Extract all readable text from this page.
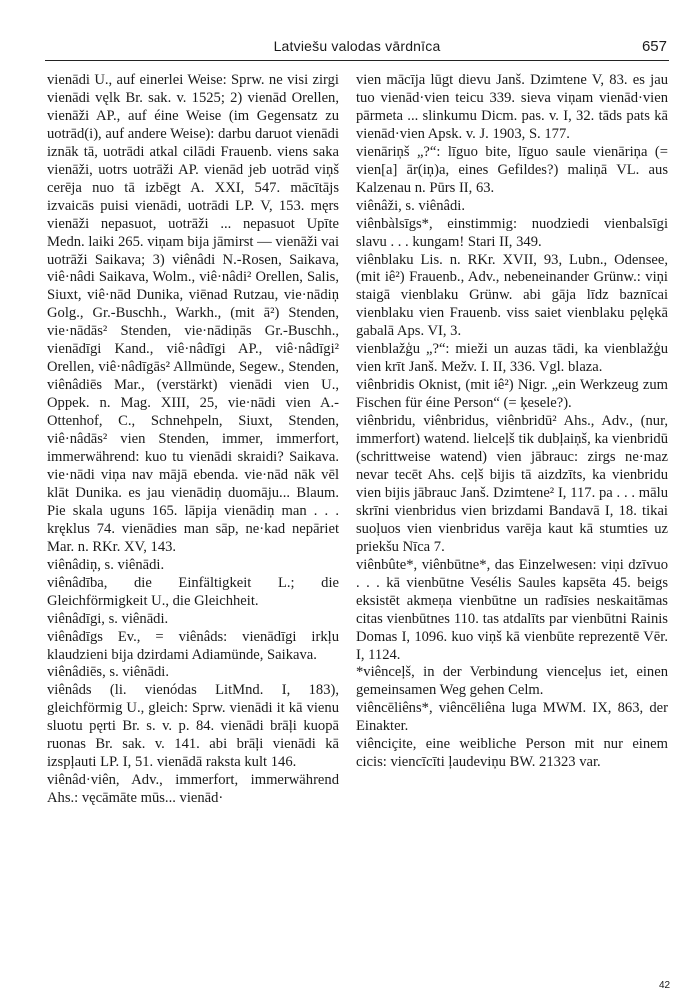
Latviešu valodas vārdnīca	657

vienādi U., auf einerlei Weise: Sprw. ne visi zirgi vienādi vęlk Br. sak. v. 1525; 2) vienād Orellen, vienāži AP., auf éine Weise (im Gegensatz zu uotrād(i), auf andere Weise): darbu daruot vienādi iznāk tā, uotrādi atkal cilādi Frauenb. viens saka vienāži, uotrs uotrāži AP. vienād jeb uotrād viņš cerēja nuo tā izbēgt A. XXI, 547. mācītājs izvaicās puisi vienādi, uotrādi LP. V, 153. męrs vienāži nepasuot, uotrāži ... nepasuot Upīte Medn. laiki 265. viņam bija jāmirst — vienāži vai uotrāži Saikava; 3) viênâdi N.-Rosen, Saikava, viê·nâdi Saikava, Wolm., viê·nâdi² Orellen, Salis, Siuxt, viê·nād Dunika, viēnad Rutzau, vie·nādiņ Golg., Gr.-Buschh., Warkh., (mit ā²) Stenden, vie·nādās² Stenden, vie·nādiņās Gr.-Buschh., vienādīgi Kand., viê·nâdīgi AP., viê·nâdīgi² Orellen, viê·nâdīgās² Allmünde, Segew., Stenden, viênâdiēs Mar., (verstärkt) vienādi vien U., Oppek. n. Mag. XIII, 25, vie·nādi vien A.-Ottenhof, C., Schnehpeln, Siuxt, Stenden, viê·nâdās² vien Stenden, immer, immerfort, immerwährend: kuo tu vienādi skraidi? Saikava. vie·nādi viņa nav mājā ebenda. vie·nād nāk vēl klāt Dunika. es jau vienādiņ duomāju... Blaum. Pie skala uguns 165. lāpija vienādiņ man . . . kręklus 74. vienādies man sāp, ne·kad nepāriet Mar. n. RKr. XV, 143.

viênâdiņ, s. viênādi.

viênâdība, die Einfältigkeit L.; die Gleichförmigkeit U., die Gleichheit.

viênâdīgi, s. viênādi.

viênâdīgs Ev., = viênâds: vienādīgi irkļu klaudzieni bija dzirdami Adiamünde, Saikava.

viênâdiēs, s. viênādi.

viênâds (li. vienódas LitMnd. I, 183), gleichförmig U., gleich: Sprw. vienādi it kā vienu sluotu pęrti Br. s. v. p. 84. vienādi brāļi kuopā ruonas Br. sak. v. 141. abi brāļi vienādi kā izspļauti LP. I, 51. vienādā raksta kult 146.

viênâd·viên, Adv., immerfort, immerwährend Ahs.: vęcāmāte mūs... vienād·

vien mācīja lūgt dievu Janš. Dzimtene V, 83. es jau tuo vienād·vien teicu 339. sieva viņam vienād·vien pārmeta ... slinkumu Dicm. pas. v. I, 32. tāds pats kā vienād·vien Apsk. v. J. 1903, S. 177.

vienāriņš „?“: līguo bite, līguo saule vienāriņa (= vien[a] ār(iņ)a, eines Gefildes?) maliņā VL. aus Kalzenau n. Pūrs II, 63.

viênâži, s. viênâdi.

viênbàlsīgs*, einstimmig: nuodziedi vienbalsīgi slavu . . . kungam! Stari II, 349.

viênblaku Lis. n. RKr. XVII, 93, Lubn., Odensee, (mit iê²) Frauenb., Adv., nebeneinander Grünw.: viņi staigā vienblaku Grünw. abi gāja līdz baznīcai vienblaku vien Frauenb. viss saiet vienblaku pęlękā gabalā Aps. VI, 3.

vienblažģu „?“: mieži un auzas tādi, ka vienblažģu vien krīt Janš. Mežv. I. II, 336. Vgl. blaza.

viênbridis Oknist, (mit iê²) Nigr. „ein Werkzeug zum Fischen für éine Person“ (= ķesele?).

viênbridu, viênbridus, viênbridū² Ahs., Adv., (nur, immerfort) watend. lielceļš tik dubļaiņš, ka vienbridū (schrittweise watend) vien jābrauc: zirgs ne·maz nevar tecēt Ahs. ceļš bijis tā aizdzīts, ka vienbridu vien bijis jābrauc Janš. Dzimtene² I, 117. pa . . . mālu skrīni vienbridus vien brizdami Bandavā I, 18. tikai suoļuos vien vienbridus varēja kaut kā stumties uz priekšu Nīca 7.

viênbûte*, viênbūtne*, das Einzelwesen: viņi dzīvuo . . . kā vienbūtne Vesélis Saules kapsēta 45. beigs eksistēt akmeņa vienbūtne un radīsies neskaitāmas citas vienbūtnes 110. tas atdalīts par vienbūtni Rainis Domas I, 1096. kuo viņš kā vienbūte reprezentē Vēr. I, 1124.

*viênceļš, in der Verbindung vienceļus iet, einen gemeinsamen Weg gehen Celm.

viêncēliêns*, viêncēliêna luga MWM. IX, 863, der Einakter.

viênciçite, eine weibliche Person mit nur einem cicis: viencīcīti ļaudeviņu BW. 21323 var.

42
